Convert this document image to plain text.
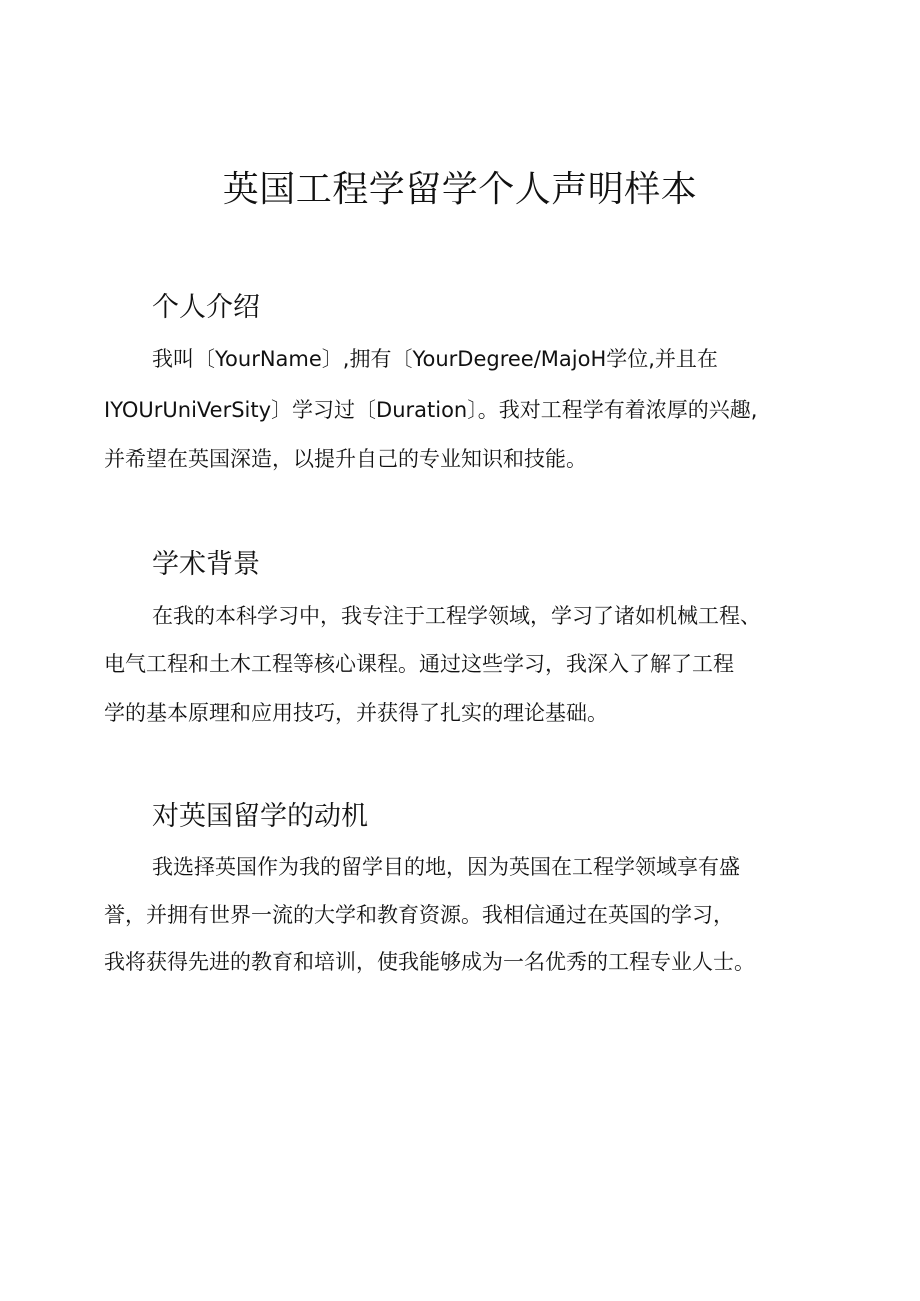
英国工程学留学个人声明样本
个人介绍

我叫〔YourName〕,拥有〔YourDegree/MajoH学位,并且在

IYOUrUniVerSity〕学习过〔Duration〕。我对工程学有着浓厚的兴趣,

并希望在英国深造，以提升自己的专业知识和技能。

学术背景

在我的本科学习中，我专注于工程学领域，学习了诸如机械工程、

电气工程和土木工程等核心课程。通过这些学习，我深入了解了工程

学的基本原理和应用技巧，并获得了扎实的理论基础。

对英国留学的动机

我选择英国作为我的留学目的地，因为英国在工程学领域享有盛

誉，并拥有世界一流的大学和教育资源。我相信通过在英国的学习，

我将获得先进的教育和培训，使我能够成为一名优秀的工程专业人士。
